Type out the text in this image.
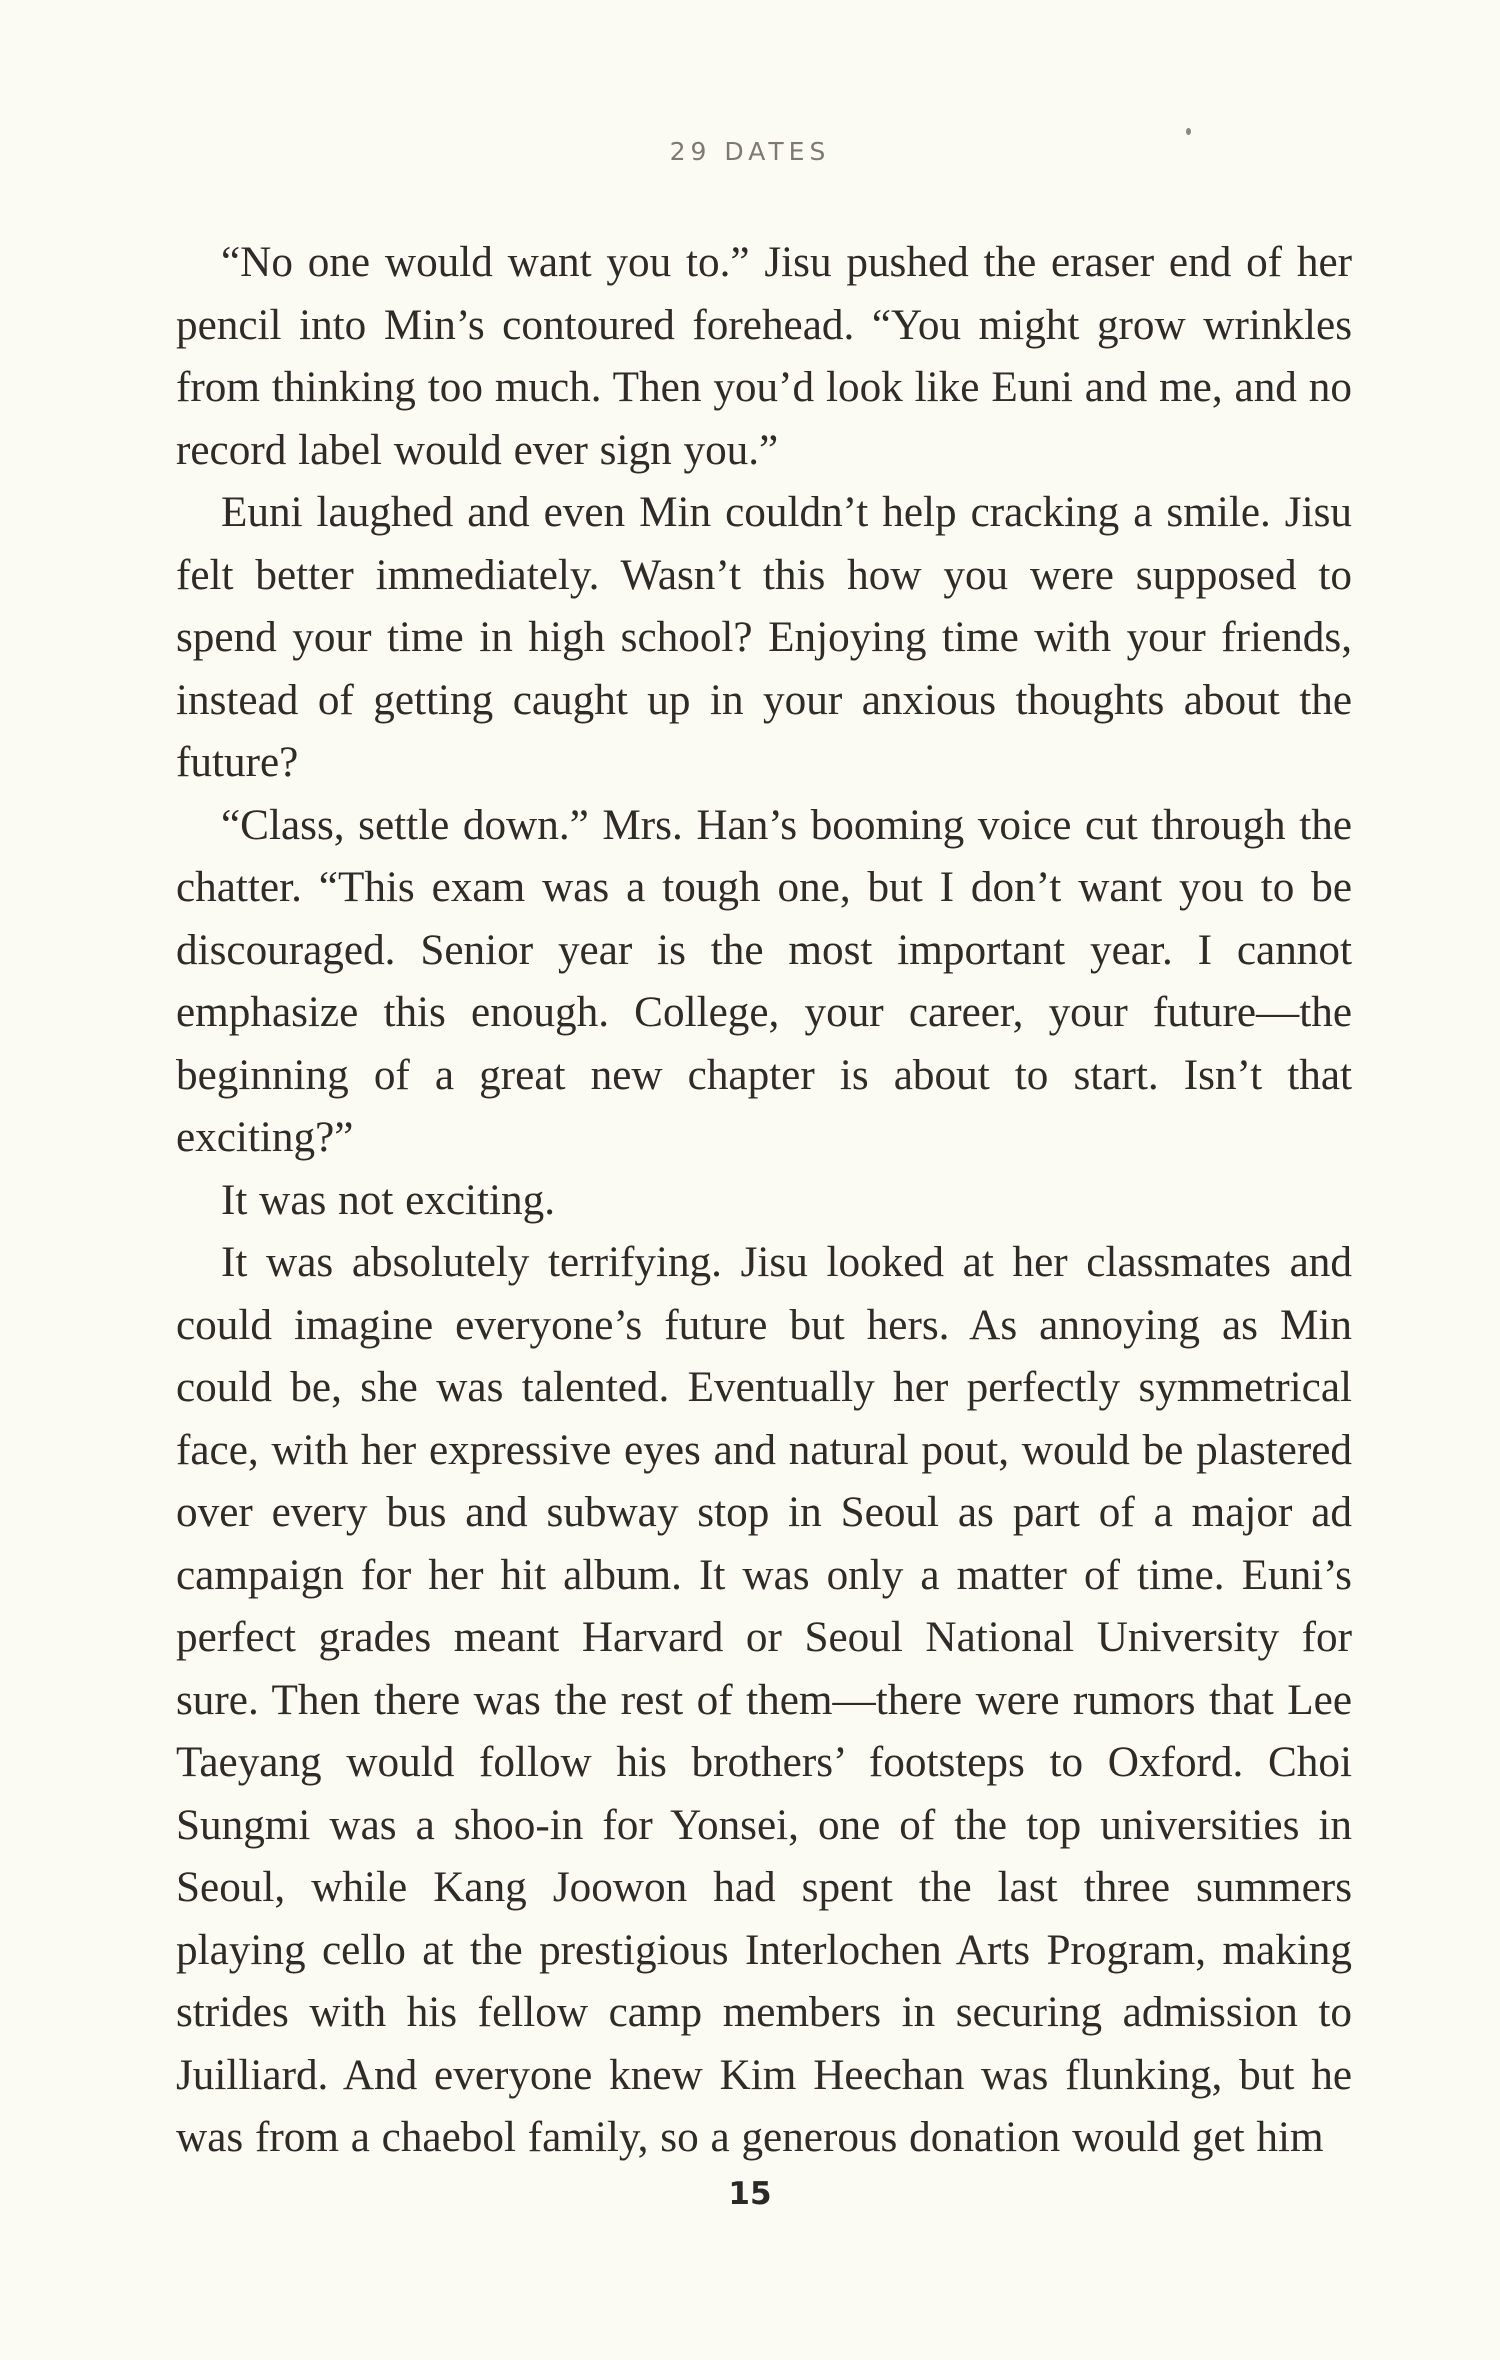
29 DATES

“No one would want you to.” Jisu pushed the eraser end of her pencil into Min’s contoured forehead. “You might grow wrinkles from thinking too much. Then you’d look like Euni and me, and no record label would ever sign you.”

Euni laughed and even Min couldn’t help cracking a smile. Jisu felt better immediately. Wasn’t this how you were supposed to spend your time in high school? Enjoying time with your friends, instead of getting caught up in your anxious thoughts about the future?

“Class, settle down.” Mrs. Han’s booming voice cut through the chatter. “This exam was a tough one, but I don’t want you to be discouraged. Senior year is the most important year. I cannot emphasize this enough. College, your career, your future—the beginning of a great new chapter is about to start. Isn’t that exciting?”

It was not exciting.

It was absolutely terrifying. Jisu looked at her classmates and could imagine everyone’s future but hers. As annoying as Min could be, she was talented. Eventually her perfectly symmetrical face, with her expressive eyes and natural pout, would be plastered over every bus and subway stop in Seoul as part of a major ad campaign for her hit album. It was only a matter of time. Euni’s perfect grades meant Harvard or Seoul National University for sure. Then there was the rest of them—there were rumors that Lee Taeyang would follow his brothers’ footsteps to Oxford. Choi Sungmi was a shoo-in for Yonsei, one of the top universities in Seoul, while Kang Joowon had spent the last three summers playing cello at the prestigious Interlochen Arts Program, making strides with his fellow camp members in securing admission to Juilliard. And everyone knew Kim Heechan was flunking, but he was from a chaebol family, so a generous donation would get him

15
